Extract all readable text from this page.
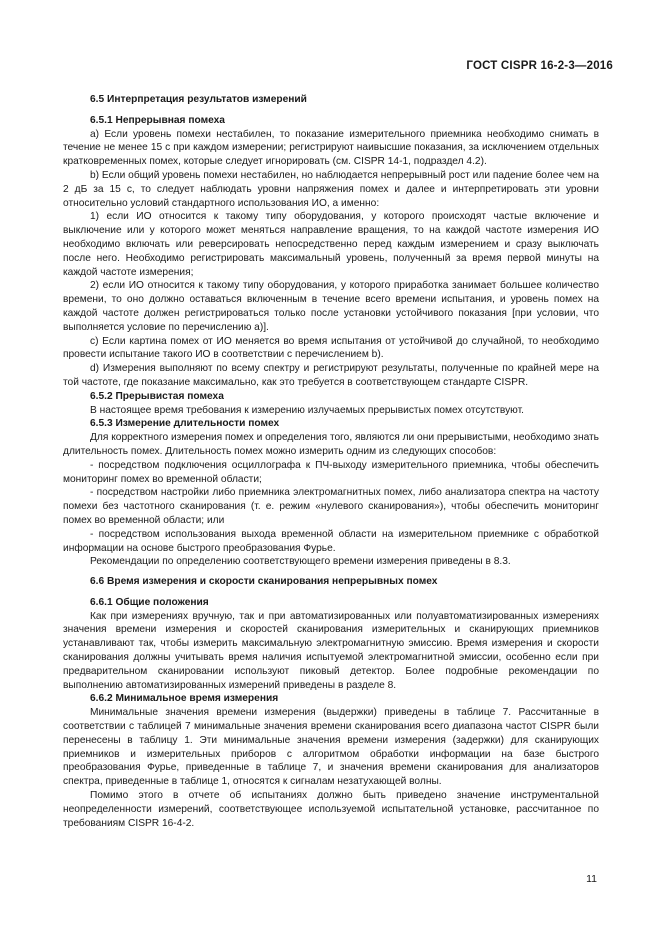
ГОСТ CISPR 16-2-3—2016

6.5 Интерпретация результатов измерений

6.5.1 Непрерывная помеха

a) Если уровень помехи нестабилен, то показание измерительного приемника необходимо снимать в течение не менее 15 с при каждом измерении; регистрируют наивысшие показания, за исключением отдельных кратковременных помех, которые следует игнорировать (см. CISPR 14-1, подраздел 4.2).

b) Если общий уровень помехи нестабилен, но наблюдается непрерывный рост или падение более чем на 2 дБ за 15 с, то следует наблюдать уровни напряжения помех и далее и интерпретировать эти уровни относительно условий стандартного использования ИО, а именно:

1) если ИО относится к такому типу оборудования, у которого происходят частые включение и выключение или у которого может меняться направление вращения, то на каждой частоте измерения ИО необходимо включать или реверсировать непосредственно перед каждым измерением и сразу выключать после него. Необходимо регистрировать максимальный уровень, полученный за время первой минуты на каждой частоте измерения;

2) если ИО относится к такому типу оборудования, у которого приработка занимает большее количество времени, то оно должно оставаться включенным в течение всего времени испытания, и уровень помех на каждой частоте должен регистрироваться только после установки устойчивого показания [при условии, что выполняется условие по перечислению a)].

c) Если картина помех от ИО меняется во время испытания от устойчивой до случайной, то необходимо провести испытание такого ИО в соответствии с перечислением b).

d) Измерения выполняют по всему спектру и регистрируют результаты, полученные по крайней мере на той частоте, где показание максимально, как это требуется в соответствующем стандарте CISPR.

6.5.2 Прерывистая помеха

В настоящее время требования к измерению излучаемых прерывистых помех отсутствуют.

6.5.3 Измерение длительности помех

Для корректного измерения помех и определения того, являются ли они прерывистыми, необходимо знать длительность помех. Длительность помех можно измерить одним из следующих способов:

- посредством подключения осциллографа к ПЧ-выходу измерительного приемника, чтобы обеспечить мониторинг помех во временной области;

- посредством настройки либо приемника электромагнитных помех, либо анализатора спектра на частоту помехи без частотного сканирования (т. е. режим «нулевого сканирования»), чтобы обеспечить мониторинг помех во временной области; или

- посредством использования выхода временной области на измерительном приемнике с обработкой информации на основе быстрого преобразования Фурье.

Рекомендации по определению соответствующего времени измерения приведены в 8.3.

6.6 Время измерения и скорости сканирования непрерывных помех

6.6.1 Общие положения

Как при измерениях вручную, так и при автоматизированных или полуавтоматизированных измерениях значения времени измерения и скоростей сканирования измерительных и сканирующих приемников устанавливают так, чтобы измерить максимальную электромагнитную эмиссию. Время измерения и скорости сканирования должны учитывать время наличия испытуемой электромагнитной эмиссии, особенно если при предварительном сканировании используют пиковый детектор. Более подробные рекомендации по выполнению автоматизированных измерений приведены в разделе 8.

6.6.2 Минимальное время измерения

Минимальные значения времени измерения (выдержки) приведены в таблице 7. Рассчитанные в соответствии с таблицей 7 минимальные значения времени сканирования всего диапазона частот CISPR были перенесены в таблицу 1. Эти минимальные значения времени измерения (задержки) для сканирующих приемников и измерительных приборов с алгоритмом обработки информации на базе быстрого преобразования Фурье, приведенные в таблице 7, и значения времени сканирования для анализаторов спектра, приведенные в таблице 1, относятся к сигналам незатухающей волны.

Помимо этого в отчете об испытаниях должно быть приведено значение инструментальной неопределенности измерений, соответствующее используемой испытательной установке, рассчитанное по требованиям CISPR 16-4-2.

11
